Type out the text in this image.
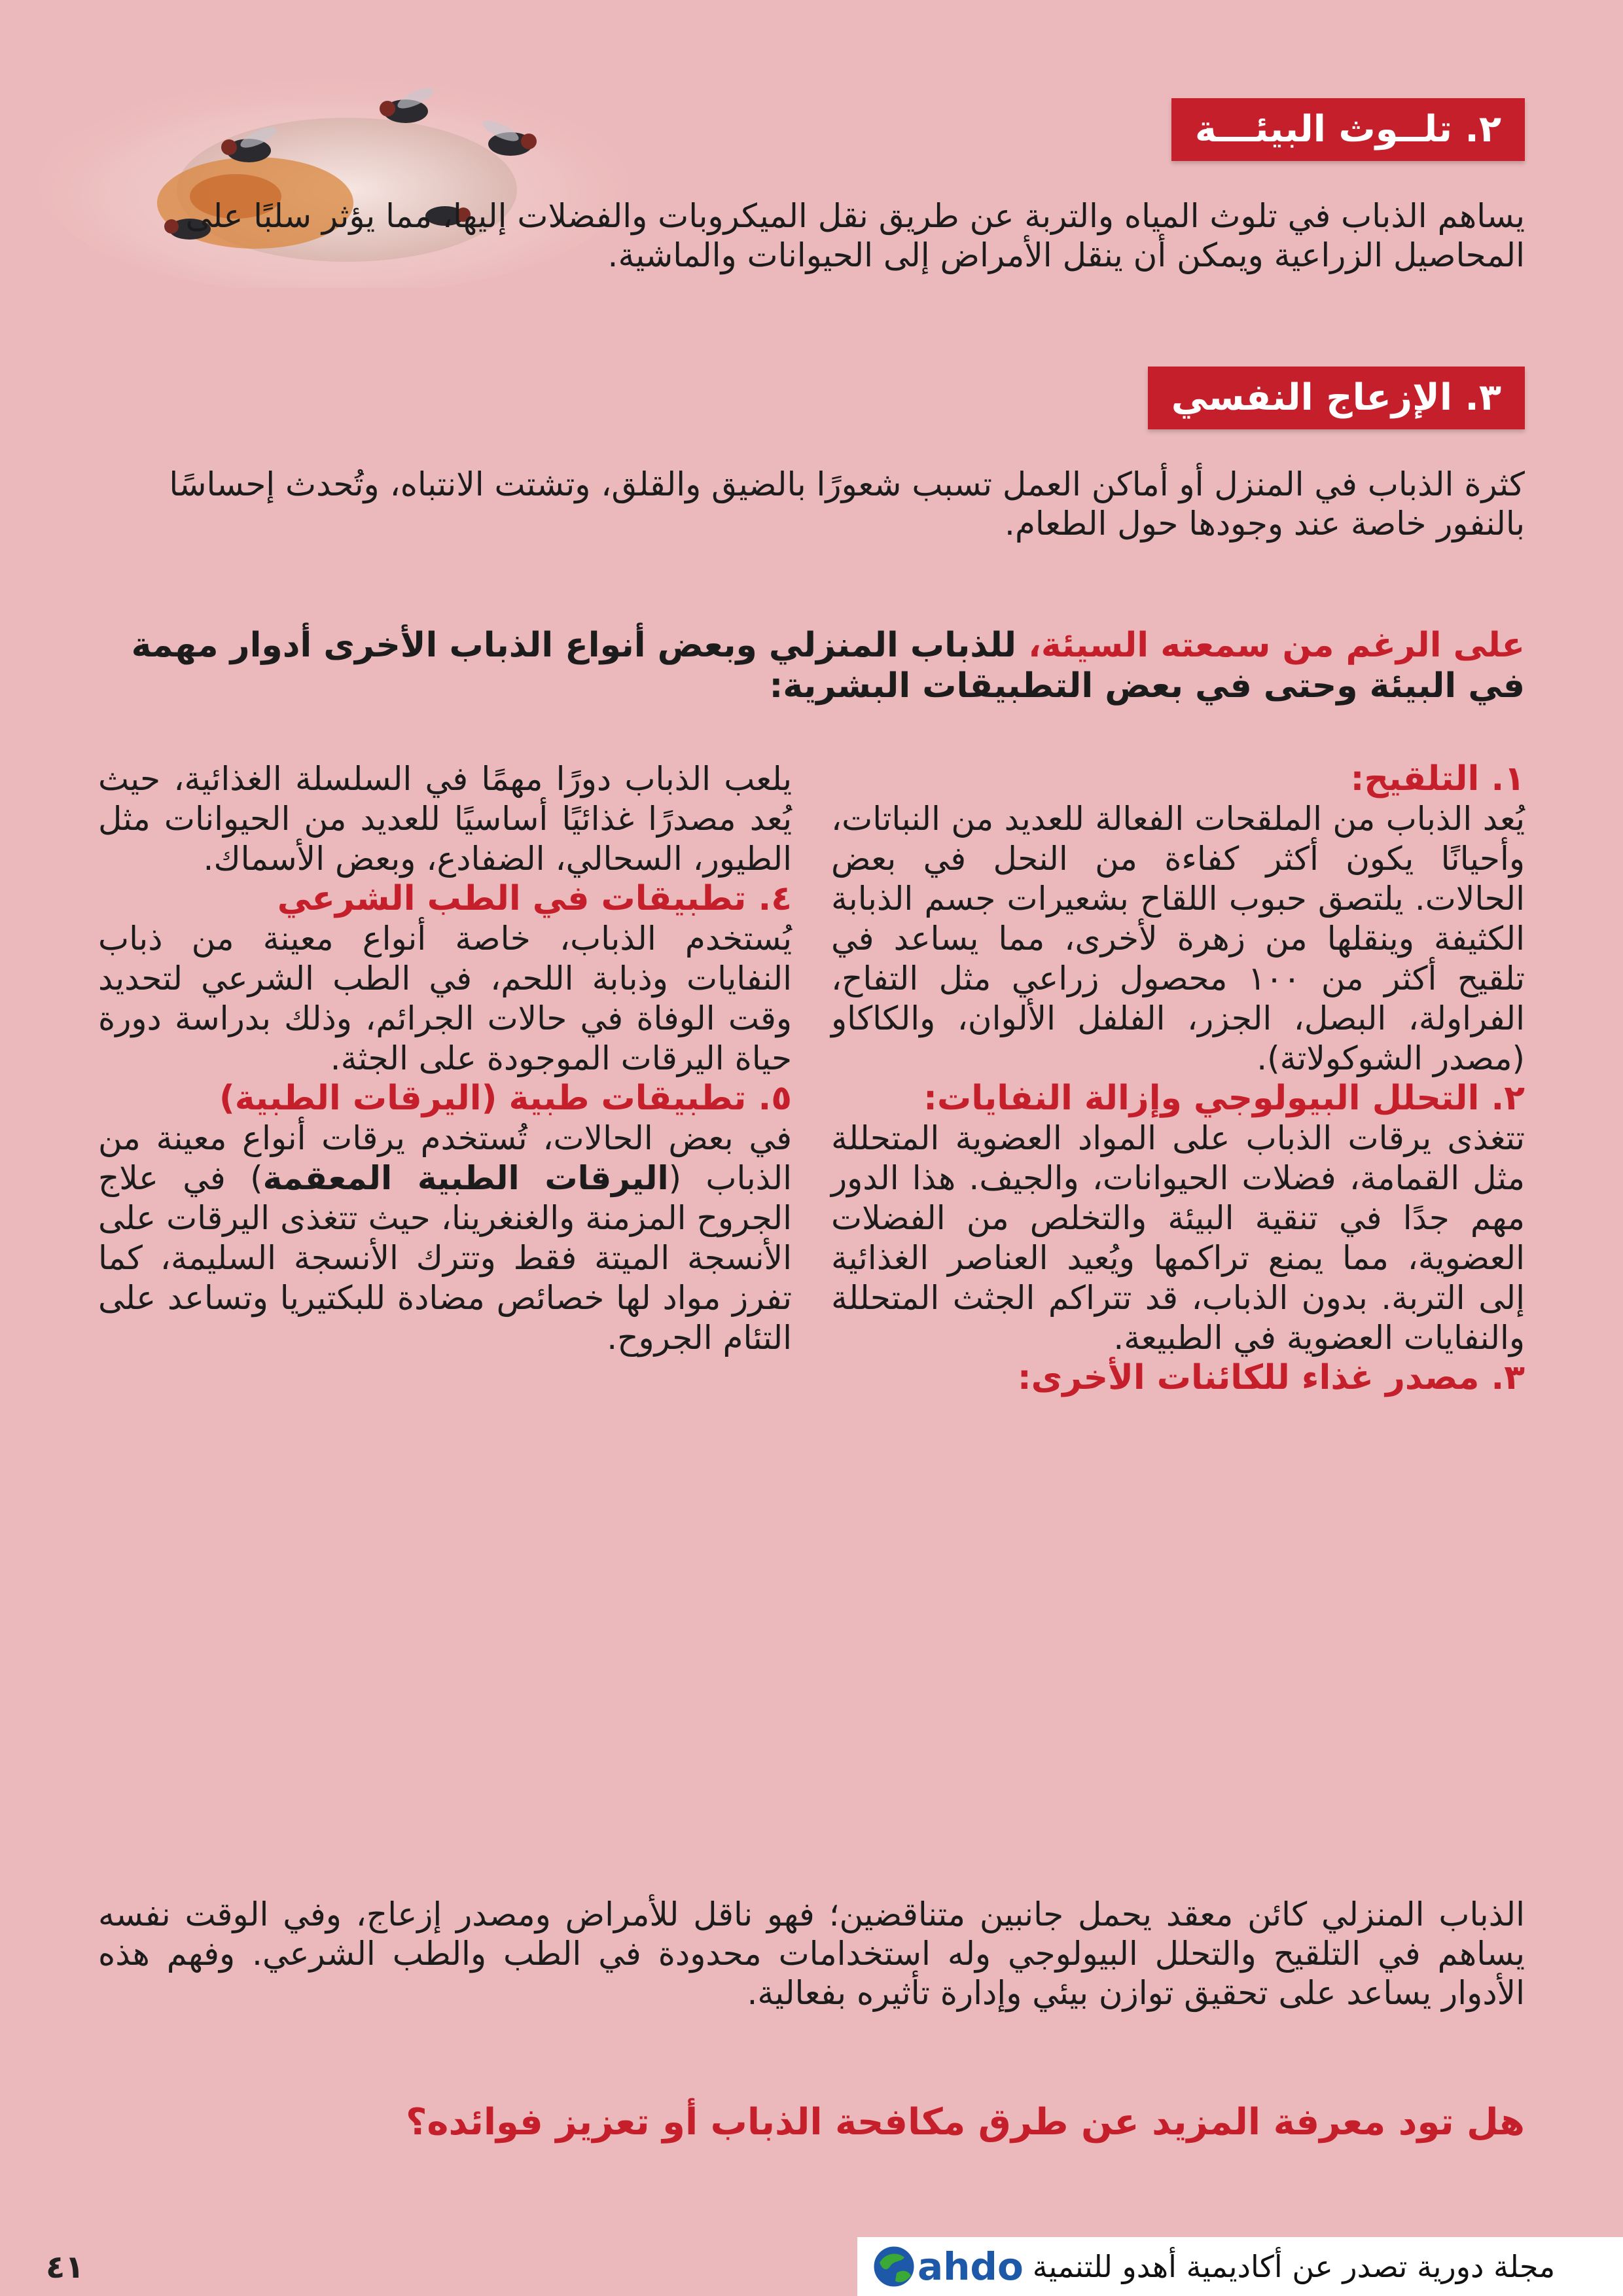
٢. تلــوث البيئـــة

يساهم الذباب في تلوث المياه والتربة عن طريق نقل الميكروبات والفضلات إليها، مما يؤثر سلبًا على المحاصيل الزراعية ويمكن أن ينقل الأمراض إلى الحيوانات والماشية.

٣. الإزعاج النفسي

كثرة الذباب في المنزل أو أماكن العمل تسبب شعورًا بالضيق والقلق، وتشتت الانتباه، وتُحدث إحساسًا بالنفور خاصة عند وجودها حول الطعام.

على الرغم من سمعته السيئة، للذباب المنزلي وبعض أنواع الذباب الأخرى أدوار مهمة في البيئة وحتى في بعض التطبيقات البشرية:

١. التلقيح:

يُعد الذباب من الملقحات الفعالة للعديد من النباتات، وأحيانًا يكون أكثر كفاءة من النحل في بعض الحالات. يلتصق حبوب اللقاح بشعيرات جسم الذبابة الكثيفة وينقلها من زهرة لأخرى، مما يساعد في تلقيح أكثر من ١٠٠ محصول زراعي مثل التفاح، الفراولة، البصل، الجزر، الفلفل الألوان، والكاكاو (مصدر الشوكولاتة).

٢. التحلل البيولوجي وإزالة النفايات:

تتغذى يرقات الذباب على المواد العضوية المتحللة مثل القمامة، فضلات الحيوانات، والجيف. هذا الدور مهم جدًا في تنقية البيئة والتخلص من الفضلات العضوية، مما يمنع تراكمها ويُعيد العناصر الغذائية إلى التربة. بدون الذباب، قد تتراكم الجثث المتحللة والنفايات العضوية في الطبيعة.

٣. مصدر غذاء للكائنات الأخرى:

يلعب الذباب دورًا مهمًا في السلسلة الغذائية، حيث يُعد مصدرًا غذائيًا أساسيًا للعديد من الحيوانات مثل الطيور، السحالي، الضفادع، وبعض الأسماك.

٤. تطبيقات في الطب الشرعي

يُستخدم الذباب، خاصة أنواع معينة من ذباب النفايات وذبابة اللحم، في الطب الشرعي لتحديد وقت الوفاة في حالات الجرائم، وذلك بدراسة دورة حياة اليرقات الموجودة على الجثة.

٥. تطبيقات طبية (اليرقات الطبية)

في بعض الحالات، تُستخدم يرقات أنواع معينة من الذباب (اليرقات الطبية المعقمة) في علاج الجروح المزمنة والغنغرينا، حيث تتغذى اليرقات على الأنسجة الميتة فقط وتترك الأنسجة السليمة، كما تفرز مواد لها خصائص مضادة للبكتيريا وتساعد على التئام الجروح.

الذباب المنزلي كائن معقد يحمل جانبين متناقضين؛ فهو ناقل للأمراض ومصدر إزعاج، وفي الوقت نفسه يساهم في التلقيح والتحلل البيولوجي وله استخدامات محدودة في الطب والطب الشرعي. وفهم هذه الأدوار يساعد على تحقيق توازن بيئي وإدارة تأثيره بفعالية.

هل تود معرفة المزيد عن طرق مكافحة الذباب أو تعزيز فوائده؟

٤١	مجلة دورية تصدر عن أكاديمية أهدو للتنمية
ahdo
